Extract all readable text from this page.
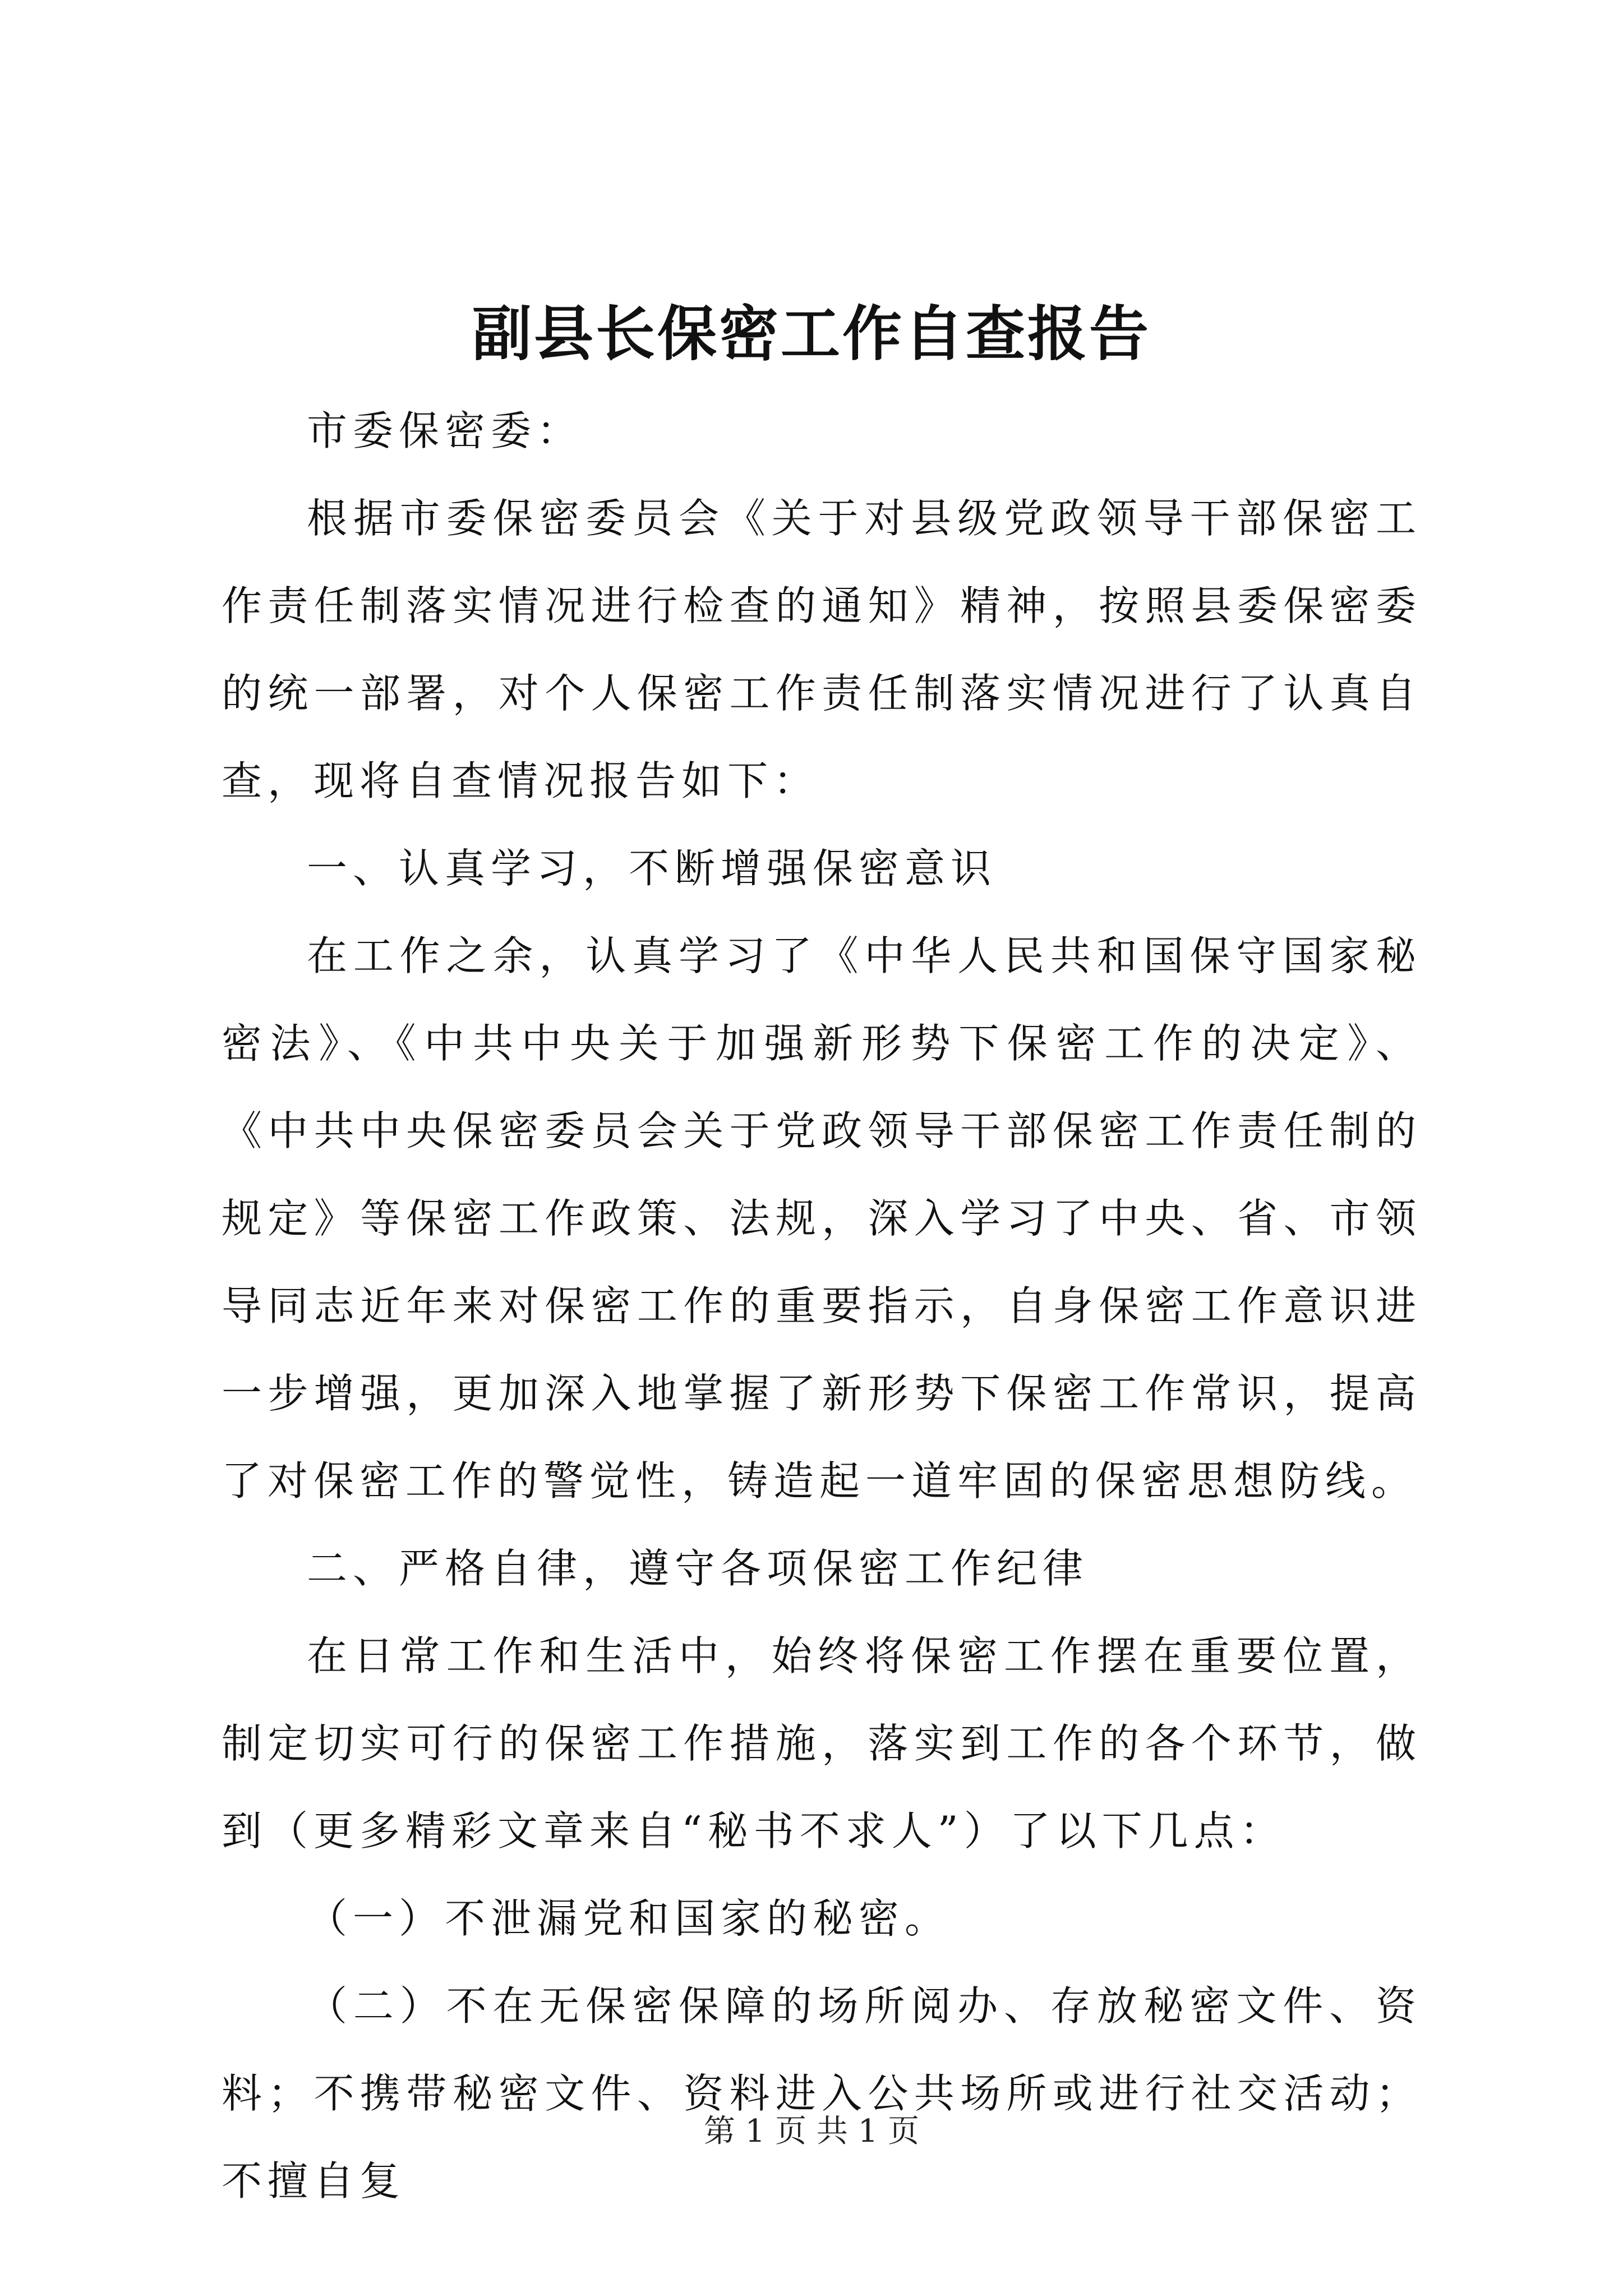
副县长保密工作自查报告

市委保密委：

根据市委保密委员会《关于对县级党政领导干部保密工作责任制落实情况进行检查的通知》精神，按照县委保密委的统一部署，对个人保密工作责任制落实情况进行了认真自查，现将自查情况报告如下：

一、认真学习，不断增强保密意识

在工作之余，认真学习了《中华人民共和国保守国家秘密法》、《中共中央关于加强新形势下保密工作的决定》、《中共中央保密委员会关于党政领导干部保密工作责任制的规定》等保密工作政策、法规，深入学习了中央、省、市领导同志近年来对保密工作的重要指示，自身保密工作意识进一步增强，更加深入地掌握了新形势下保密工作常识，提高了对保密工作的警觉性，铸造起一道牢固的保密思想防线。

二、严格自律，遵守各项保密工作纪律

在日常工作和生活中，始终将保密工作摆在重要位置，制定切实可行的保密工作措施，落实到工作的各个环节，做到（更多精彩文章来自“秘书不求人”）了以下几点：

（一）不泄漏党和国家的秘密。

（二）不在无保密保障的场所阅办、存放秘密文件、资料；不携带秘密文件、资料进入公共场所或进行社交活动；不擅自复

第 1 页 共 1 页
